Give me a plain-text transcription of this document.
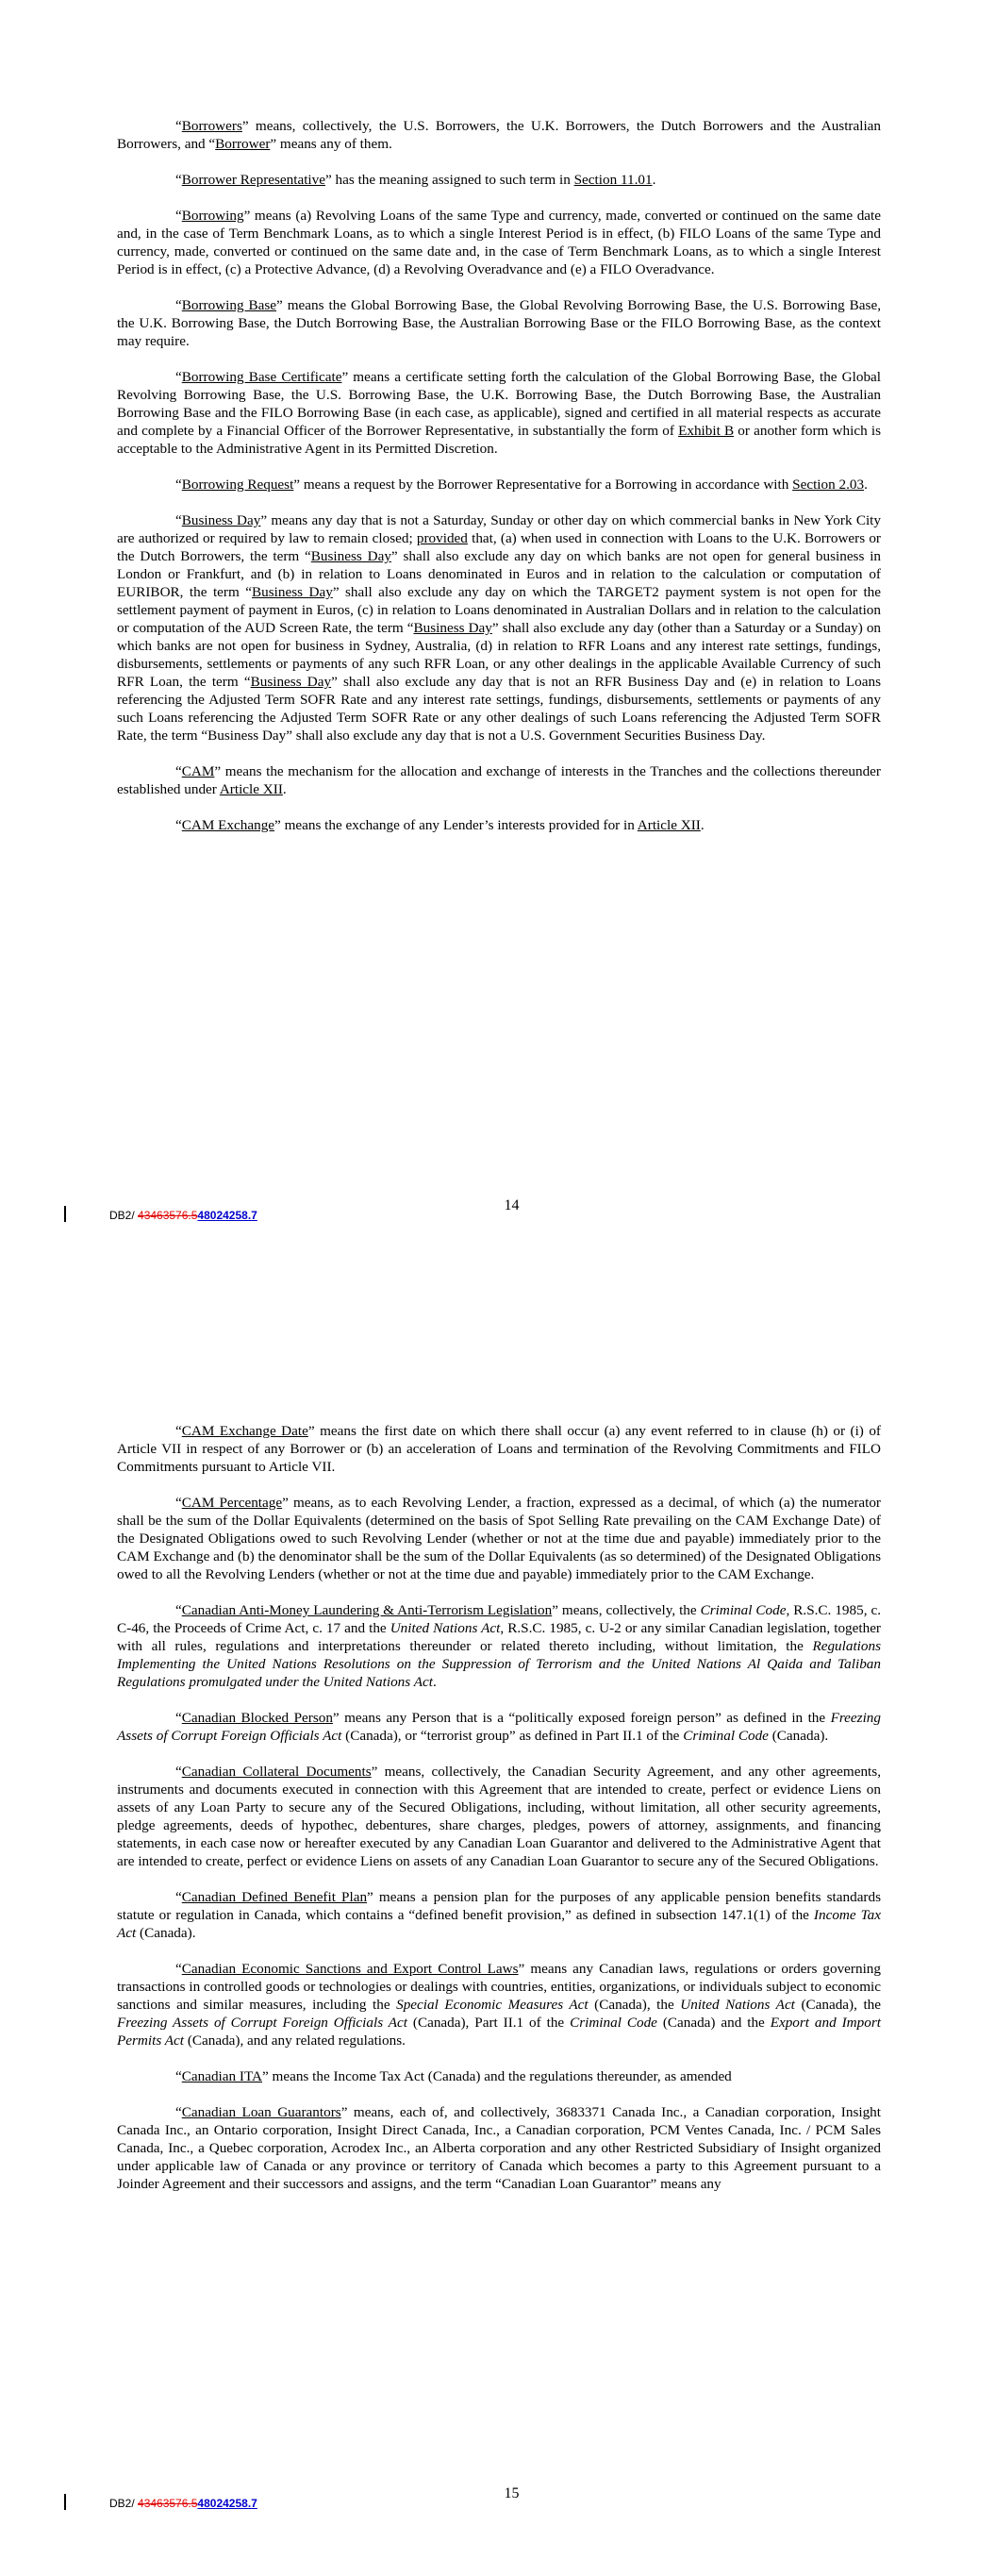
“Borrowers” means, collectively, the U.S. Borrowers, the U.K. Borrowers, the Dutch Borrowers and the Australian Borrowers, and “Borrower” means any of them.

“Borrower Representative” has the meaning assigned to such term in Section 11.01.

“Borrowing” means (a) Revolving Loans of the same Type and currency, made, converted or continued on the same date and, in the case of Term Benchmark Loans, as to which a single Interest Period is in effect, (b) FILO Loans of the same Type and currency, made, converted or continued on the same date and, in the case of Term Benchmark Loans, as to which a single Interest Period is in effect, (c) a Protective Advance, (d) a Revolving Overadvance and (e) a FILO Overadvance.

“Borrowing Base” means the Global Borrowing Base, the Global Revolving Borrowing Base, the U.S. Borrowing Base, the U.K. Borrowing Base, the Dutch Borrowing Base, the Australian Borrowing Base or the FILO Borrowing Base, as the context may require.

“Borrowing Base Certificate” means a certificate setting forth the calculation of the Global Borrowing Base, the Global Revolving Borrowing Base, the U.S. Borrowing Base, the U.K. Borrowing Base, the Dutch Borrowing Base, the Australian Borrowing Base and the FILO Borrowing Base (in each case, as applicable), signed and certified in all material respects as accurate and complete by a Financial Officer of the Borrower Representative, in substantially the form of Exhibit B or another form which is acceptable to the Administrative Agent in its Permitted Discretion.

“Borrowing Request” means a request by the Borrower Representative for a Borrowing in accordance with Section 2.03.

“Business Day” means any day that is not a Saturday, Sunday or other day on which commercial banks in New York City are authorized or required by law to remain closed; provided that, (a) when used in connection with Loans to the U.K. Borrowers or the Dutch Borrowers, the term “Business Day” shall also exclude any day on which banks are not open for general business in London or Frankfurt, and (b) in relation to Loans denominated in Euros and in relation to the calculation or computation of EURIBOR, the term “Business Day” shall also exclude any day on which the TARGET2 payment system is not open for the settlement payment of payment in Euros, (c) in relation to Loans denominated in Australian Dollars and in relation to the calculation or computation of the AUD Screen Rate, the term “Business Day” shall also exclude any day (other than a Saturday or a Sunday) on which banks are not open for business in Sydney, Australia, (d) in relation to RFR Loans and any interest rate settings, fundings, disbursements, settlements or payments of any such RFR Loan, or any other dealings in the applicable Available Currency of such RFR Loan, the term “Business Day” shall also exclude any day that is not an RFR Business Day and (e) in relation to Loans referencing the Adjusted Term SOFR Rate and any interest rate settings, fundings, disbursements, settlements or payments of any such Loans referencing the Adjusted Term SOFR Rate or any other dealings of such Loans referencing the Adjusted Term SOFR Rate, the term “Business Day” shall also exclude any day that is not a U.S. Government Securities Business Day.

“CAM” means the mechanism for the allocation and exchange of interests in the Tranches and the collections thereunder established under Article XII.

“CAM Exchange” means the exchange of any Lender’s interests provided for in Article XII.

DB2/ 43463576.548024258.7
14

“CAM Exchange Date” means the first date on which there shall occur (a) any event referred to in clause (h) or (i) of Article VII in respect of any Borrower or (b) an acceleration of Loans and termination of the Revolving Commitments and FILO Commitments pursuant to Article VII.

“CAM Percentage” means, as to each Revolving Lender, a fraction, expressed as a decimal, of which (a) the numerator shall be the sum of the Dollar Equivalents (determined on the basis of Spot Selling Rate prevailing on the CAM Exchange Date) of the Designated Obligations owed to such Revolving Lender (whether or not at the time due and payable) immediately prior to the CAM Exchange and (b) the denominator shall be the sum of the Dollar Equivalents (as so determined) of the Designated Obligations owed to all the Revolving Lenders (whether or not at the time due and payable) immediately prior to the CAM Exchange.

“Canadian Anti-Money Laundering & Anti-Terrorism Legislation” means, collectively, the Criminal Code, R.S.C. 1985, c. C-46, the Proceeds of Crime Act, c. 17 and the United Nations Act, R.S.C. 1985, c. U-2 or any similar Canadian legislation, together with all rules, regulations and interpretations thereunder or related thereto including, without limitation, the Regulations Implementing the United Nations Resolutions on the Suppression of Terrorism and the United Nations Al Qaida and Taliban Regulations promulgated under the United Nations Act.

“Canadian Blocked Person” means any Person that is a “politically exposed foreign person” as defined in the Freezing Assets of Corrupt Foreign Officials Act (Canada), or “terrorist group” as defined in Part II.1 of the Criminal Code (Canada).

“Canadian Collateral Documents” means, collectively, the Canadian Security Agreement, and any other agreements, instruments and documents executed in connection with this Agreement that are intended to create, perfect or evidence Liens on assets of any Loan Party to secure any of the Secured Obligations, including, without limitation, all other security agreements, pledge agreements, deeds of hypothec, debentures, share charges, pledges, powers of attorney, assignments, and financing statements, in each case now or hereafter executed by any Canadian Loan Guarantor and delivered to the Administrative Agent that are intended to create, perfect or evidence Liens on assets of any Canadian Loan Guarantor to secure any of the Secured Obligations.

“Canadian Defined Benefit Plan” means a pension plan for the purposes of any applicable pension benefits standards statute or regulation in Canada, which contains a “defined benefit provision,” as defined in subsection 147.1(1) of the Income Tax Act (Canada).

“Canadian Economic Sanctions and Export Control Laws” means any Canadian laws, regulations or orders governing transactions in controlled goods or technologies or dealings with countries, entities, organizations, or individuals subject to economic sanctions and similar measures, including the Special Economic Measures Act (Canada), the United Nations Act (Canada), the Freezing Assets of Corrupt Foreign Officials Act (Canada), Part II.1 of the Criminal Code (Canada) and the Export and Import Permits Act (Canada), and any related regulations.

“Canadian ITA” means the Income Tax Act (Canada) and the regulations thereunder, as amended

“Canadian Loan Guarantors” means, each of, and collectively, 3683371 Canada Inc., a Canadian corporation, Insight Canada Inc., an Ontario corporation, Insight Direct Canada, Inc., a Canadian corporation, PCM Ventes Canada, Inc. / PCM Sales Canada, Inc., a Quebec corporation, Acrodex Inc., an Alberta corporation and any other Restricted Subsidiary of Insight organized under applicable law of Canada or any province or territory of Canada which becomes a party to this Agreement pursuant to a Joinder Agreement and their successors and assigns, and the term “Canadian Loan Guarantor” means any

DB2/ 43463576.548024258.7
15
